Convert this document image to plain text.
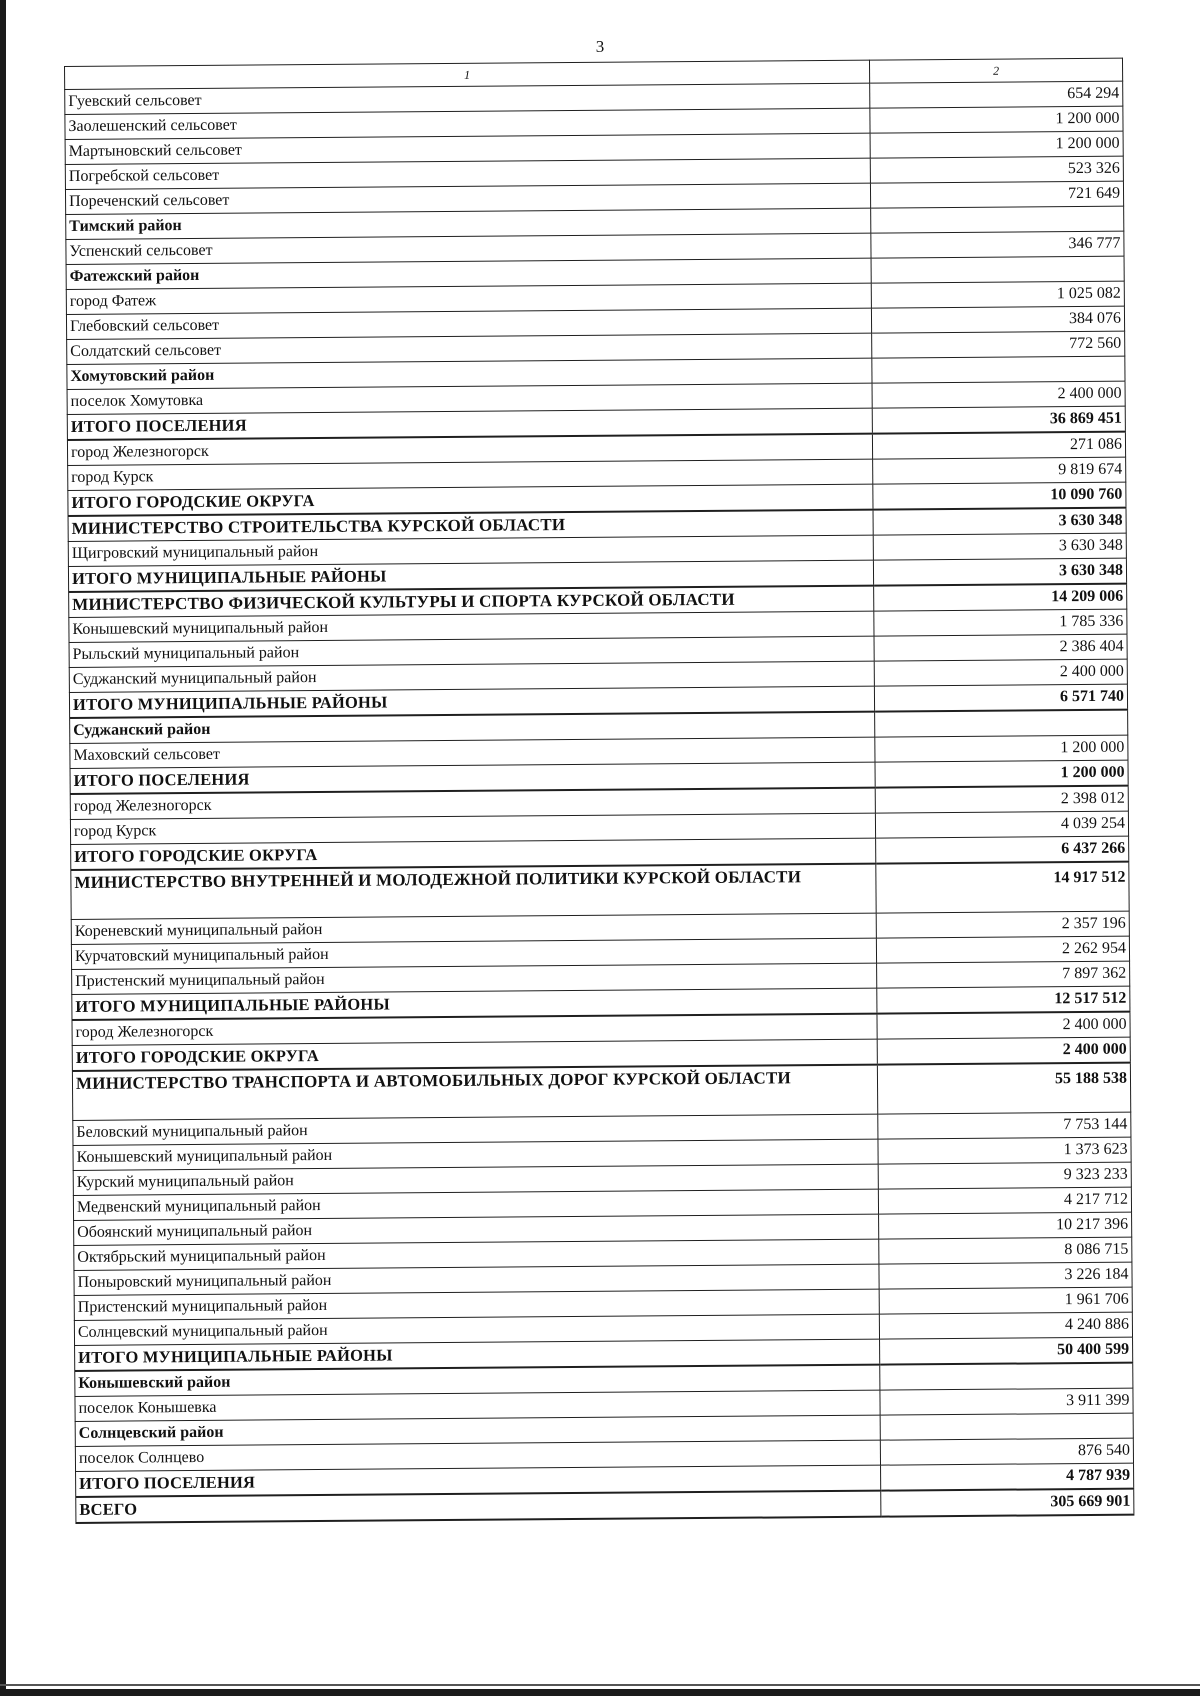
3
1	2
Гуевский сельсовет	654 294
Заолешенский сельсовет	1 200 000
Мартыновский сельсовет	1 200 000
Погребской сельсовет	523 326
Пореченский сельсовет	721 649
Тимский район	
Успенский сельсовет	346 777
Фатежский район	
город Фатеж	1 025 082
Глебовский сельсовет	384 076
Солдатский сельсовет	772 560
Хомутовский район	
поселок Хомутовка	2 400 000
ИТОГО ПОСЕЛЕНИЯ	36 869 451
город Железногорск	271 086
город Курск	9 819 674
ИТОГО ГОРОДСКИЕ ОКРУГА	10 090 760
МИНИСТЕРСТВО СТРОИТЕЛЬСТВА КУРСКОЙ ОБЛАСТИ	3 630 348
Щигровский муниципальный район	3 630 348
ИТОГО МУНИЦИПАЛЬНЫЕ РАЙОНЫ	3 630 348
МИНИСТЕРСТВО ФИЗИЧЕСКОЙ КУЛЬТУРЫ И СПОРТА КУРСКОЙ ОБЛАСТИ	14 209 006
Конышевский муниципальный район	1 785 336
Рыльский муниципальный район	2 386 404
Суджанский муниципальный район	2 400 000
ИТОГО МУНИЦИПАЛЬНЫЕ РАЙОНЫ	6 571 740
Суджанский район	
Маховский сельсовет	1 200 000
ИТОГО ПОСЕЛЕНИЯ	1 200 000
город Железногорск	2 398 012
город Курск	4 039 254
ИТОГО ГОРОДСКИЕ ОКРУГА	6 437 266
МИНИСТЕРСТВО ВНУТРЕННЕЙ И МОЛОДЕЖНОЙ ПОЛИТИКИ КУРСКОЙ ОБЛАСТИ	14 917 512
Кореневский муниципальный район	2 357 196
Курчатовский муниципальный район	2 262 954
Пристенский муниципальный район	7 897 362
ИТОГО МУНИЦИПАЛЬНЫЕ РАЙОНЫ	12 517 512
город Железногорск	2 400 000
ИТОГО ГОРОДСКИЕ ОКРУГА	2 400 000
МИНИСТЕРСТВО ТРАНСПОРТА И АВТОМОБИЛЬНЫХ ДОРОГ КУРСКОЙ ОБЛАСТИ	55 188 538
Беловский муниципальный район	7 753 144
Конышевский муниципальный район	1 373 623
Курский муниципальный район	9 323 233
Медвенский муниципальный район	4 217 712
Обоянский муниципальный район	10 217 396
Октябрьский муниципальный район	8 086 715
Поныровский муниципальный район	3 226 184
Пристенский муниципальный район	1 961 706
Солнцевский муниципальный район	4 240 886
ИТОГО МУНИЦИПАЛЬНЫЕ РАЙОНЫ	50 400 599
Конышевский район	
поселок Конышевка	3 911 399
Солнцевский район	
поселок Солнцево	876 540
ИТОГО ПОСЕЛЕНИЯ	4 787 939
ВСЕГО	305 669 901
